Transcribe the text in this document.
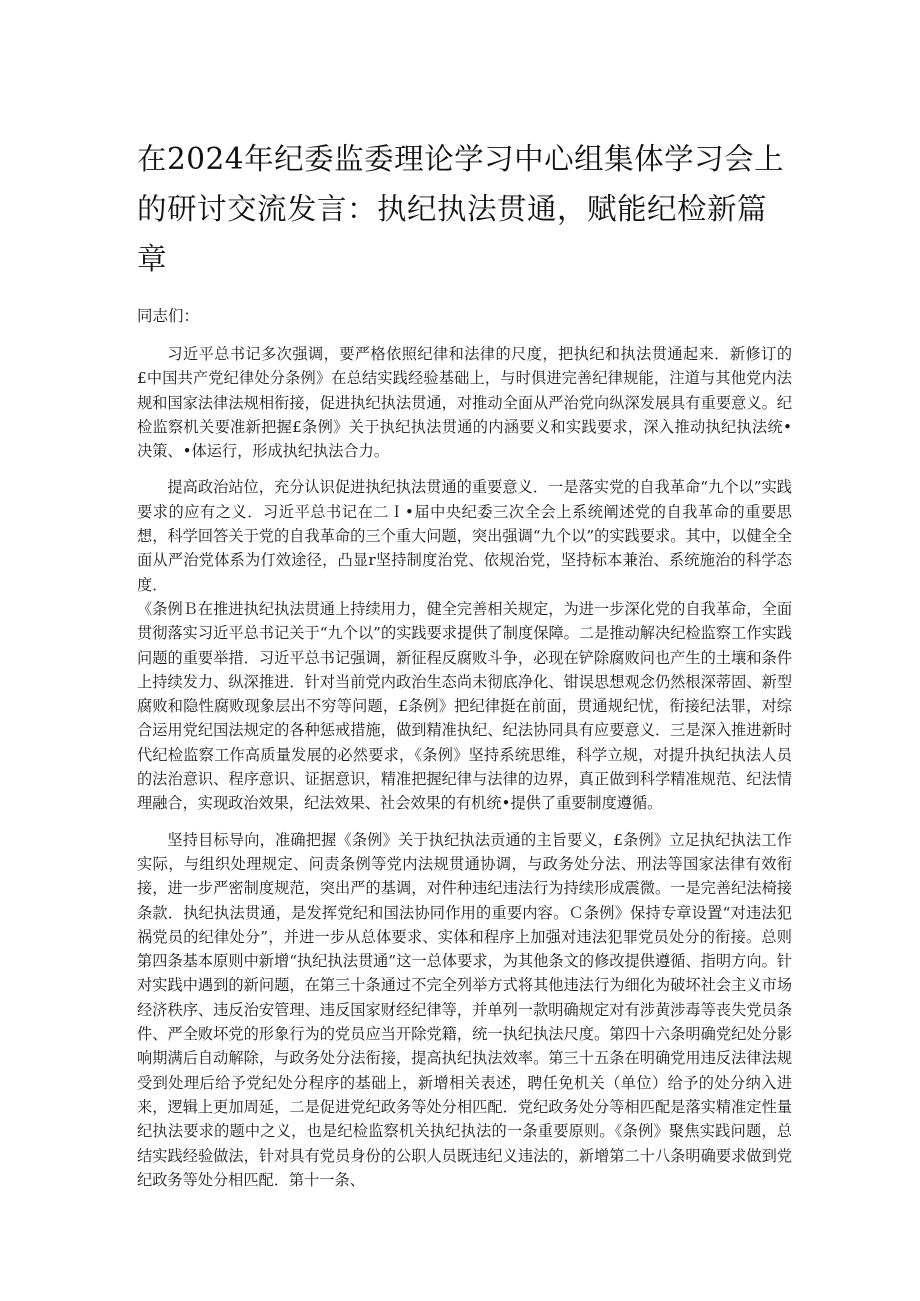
在2024年纪委监委理论学习中心组集体学习会上的研讨交流发言：执纪执法贯通，赋能纪检新篇章

同志们：

习近平总书记多次强调，要严格依照纪律和法律的尺度，把执纪和执法贯通起来．新修订的£中国共产党纪律处分条例》在总结实践经验基础上，与时俱进完善纪律规能，注道与其他党内法规和国家法律法规相衔接，促进执纪执法贯通，对推动全面从严治党向纵深发展具有重要意义。纪检监察机关要准新把握£条例》关于执纪执法贯通的内涵要义和实践要求，深入推动执纪执法统•决策、•体运行，形成执纪执法合力。

提高政治站位，充分认识促进执纪执法贯通的重要意义．一是落实党的自我革命“九个以”实践要求的应有之义．习近平总书记在二Ｉ•届中央纪委三次全会上系统阐述党的自我革命的重要思想，科学回答关于党的自我革命的三个重大问题，突出强调“九个以”的实践要求。其中，以健全全面从严治党体系为仃效途径，凸显r坚持制度治党、依规治党，坚持标本兼治、系统施治的科学态度．

《条例Ｂ在推进执纪执法贯通上持续用力，健全完善相关规定，为进一步深化党的自我革命，全面贯彻落实习近平总书记关于“九个以”的实践要求提供了制度保障。二是推动解决纪检监察工作实践问题的重要举措．习近平总书记强调，新征程反腐败斗争，必现在铲除腐败问也产生的土壤和条件上持续发力、纵深推进．针对当前党内政治生态尚未彻底净化、钳误思想观念仍然根深蒂固、新型腐败和隐性腐败现象层出不穷等问题，£条例》把纪律挺在前面，贯通规纪忧，衔接纪法罪，对综合运用党纪国法规定的各种惩戒措施，做到精准执纪、纪法协同具有应要意义．三是深入推进新时代纪检监察工作高质量发展的必然要求，《条例》坚持系统思维，科学立规，对提升执纪执法人员的法治意识、程序意识、证据意识，精准把握纪律与法律的边界，真正做到科学精准规范、纪法情理融合，实现政治效果，纪法效果、社会效果的有机统•提供了重要制度遵循。

坚持目标导向，准确把握《条例》关于执纪执法贡通的主旨要义，£条例》立足执纪执法工作实际，与组织处理规定、问责条例等党内法规贯通协调，与政务处分法、刑法等国家法律有效衔接，进一步严密制度规范，突出严的基调，对件种违纪违法行为持续形成震微。一是完善纪法椅接条款．执纪执法贯通，是发挥党纪和国法协同作用的重要内容。Ｃ条例》保持专章设置“对违法犯祸党员的纪律处分”，并进一步从总体要求、实体和程序上加强对违法犯罪党员处分的衔接。总则第四条基本原则中新增“执纪执法贯通”这一总体要求，为其他条文的修改提供遵循、指明方向。针对实践中遇到的新问题，在第三十条通过不完全列举方式将其他违法行为细化为破坏社会主义市场经济秩序、违反治安管理、违反国家财经纪律等，并单列一款明确规定对有涉黄涉毒等丧失党员条件、严全败坏党的形象行为的党员应当开除党籍，统一执纪执法尺度。第四十六条明确党纪处分影响期满后自动解除，与政务处分法衔接，提高执纪执法效率。第三十五条在明确党用违反法律法规受到处理后给予党纪处分程序的基础上，新增相关表述，聘任免机关（单位）给予的处分纳入进来，逻辑上更加周延，二是促进党纪政务等处分相匹配．党纪政务处分等相匹配是落实精准定性量纪执法要求的题中之义，也是纪检监察机关执纪执法的一条重要原则。《条例》聚焦实践问题，总结实践经验做法，针对具有党员身份的公职人员既违纪义违法的，新增第二十八条明确要求做到党纪政务等处分相匹配．第十一条、
